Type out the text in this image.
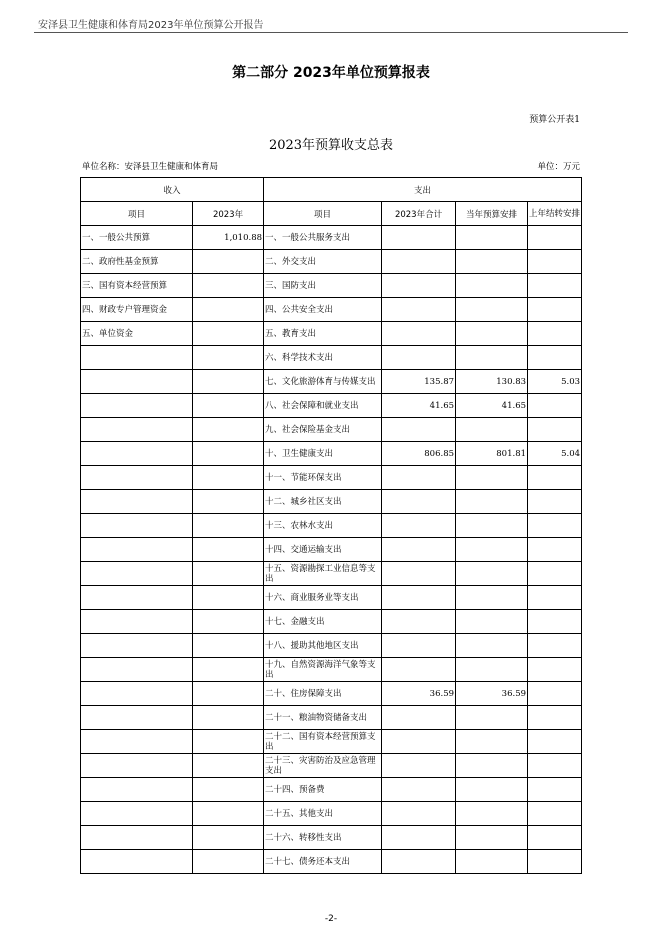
安泽县卫生健康和体育局2023年单位预算公开报告
第二部分 2023年单位预算报表
预算公开表1
2023年预算收支总表
单位名称：安泽县卫生健康和体育局	单位：万元
收入		支出			
项目	2023年	项目	2023年合计	当年预算安排	上年结转安排
一、一般公共预算	1,010.88	一、一般公共服务支出			
二、政府性基金预算		二、外交支出			
三、国有资本经营预算		三、国防支出			
四、财政专户管理资金		四、公共安全支出			
五、单位资金		五、教育支出			
		六、科学技术支出			
		七、文化旅游体育与传媒支出	135.87	130.83	5.03
		八、社会保障和就业支出	41.65	41.65	
		九、社会保险基金支出			
		十、卫生健康支出	806.85	801.81	5.04
		十一、节能环保支出			
		十二、城乡社区支出			
		十三、农林水支出			
		十四、交通运输支出			
		十五、资源勘探工业信息等支出			
		十六、商业服务业等支出			
		十七、金融支出			
		十八、援助其他地区支出			
		十九、自然资源海洋气象等支出			
		二十、住房保障支出	36.59	36.59	
		二十一、粮油物资储备支出			
		二十二、国有资本经营预算支出			
		二十三、灾害防治及应急管理支出			
		二十四、预备费			
		二十五、其他支出			
		二十六、转移性支出			
		二十七、债务还本支出			
-2-
